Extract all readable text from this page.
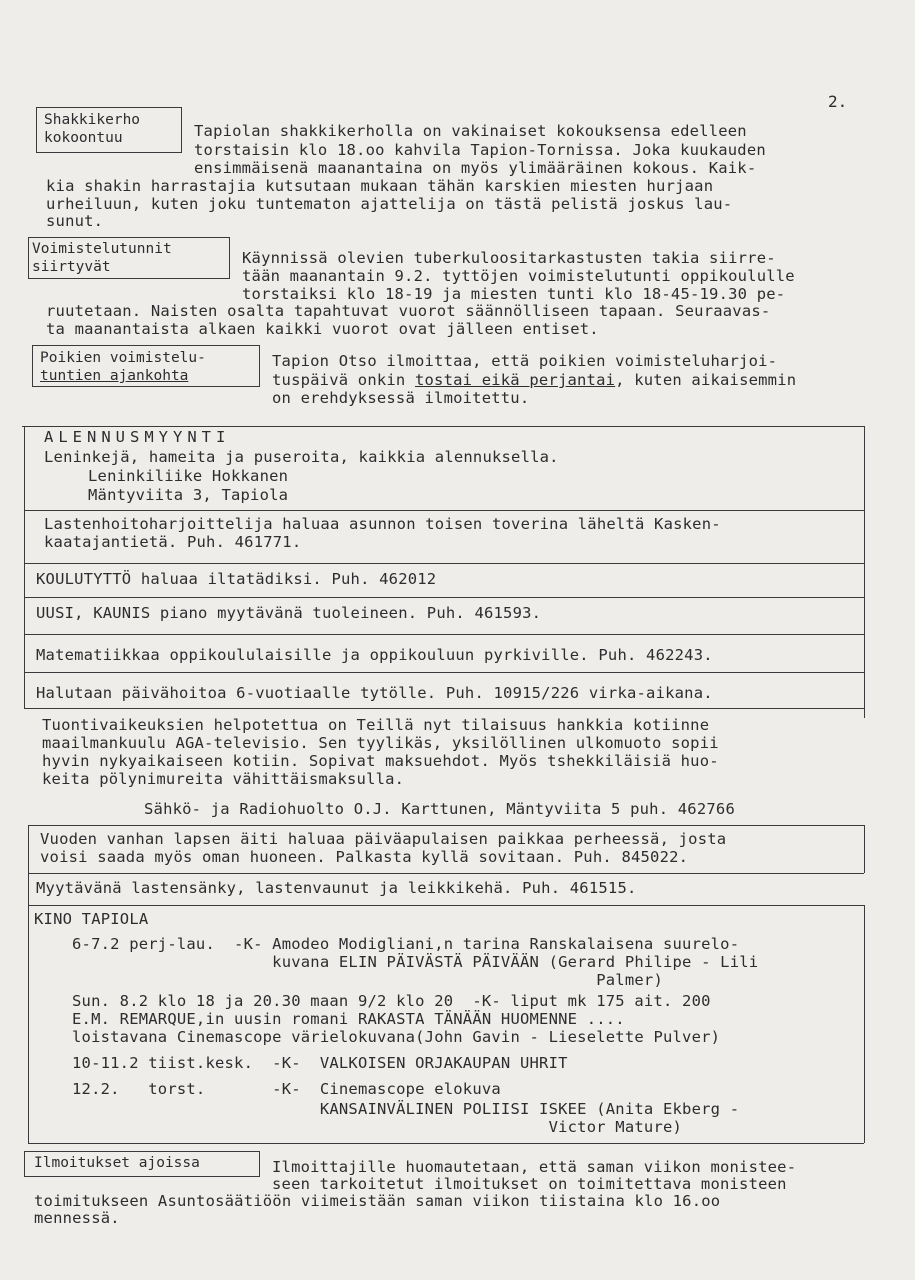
2.
Shakkikerho
kokoontuu	Tapiolan shakkikerholla on vakinaiset kokouksensa edelleen
torstaisin klo 18.oo kahvila Tapion-Tornissa. Joka kuukauden
ensimmäisenä maanantaina on myös ylimääräinen kokous. Kaik-
kia shakin harrastajia kutsutaan mukaan tähän karskien miesten hurjaan
urheiluun, kuten joku tuntematon ajattelija on tästä pelistä joskus lau-
sunut.
Voimistelutunnit
siirtyvät	Käynnissä olevien tuberkuloositarkastusten takia siirre-
tään maanantain 9.2. tyttöjen voimistelutunti oppikoululle
torstaiksi klo 18-19 ja miesten tunti klo 18-45-19.30 pe-
ruutetaan. Naisten osalta tapahtuvat vuorot säännölliseen tapaan. Seuraavas-
ta maanantaista alkaen kaikki vuorot ovat jälleen entiset.
Poikien voimistelu-
tuntien ajankohta
Tapion Otso ilmoittaa, että poikien voimisteluharjoi-
tuspäivä onkin tostai eikä perjantai, kuten aikaisemmin
on erehdyksessä ilmoitettu.
ALENNUSMYYNTI
Leninkejä, hameita ja puseroita, kaikkia alennuksella.
Leninkiliike Hokkanen
Mäntyviita 3, Tapiola
Lastenhoitoharjoittelija haluaa asunnon toisen toverina läheltä Kasken-
kaatajantietä. Puh. 461771.
KOULUTYTTÖ haluaa iltatädiksi. Puh. 462012
UUSI, KAUNIS piano myytävänä tuoleineen. Puh. 461593.
Matematiikkaa oppikoululaisille ja oppikouluun pyrkiville. Puh. 462243.
Halutaan päivähoitoa 6-vuotiaalle tytölle. Puh. 10915/226 virka-aikana.
Tuontivaikeuksien helpotettua on Teillä nyt tilaisuus hankkia kotiinne
maailmankuulu AGA-televisio. Sen tyylikäs, yksilöllinen ulkomuoto sopii
hyvin nykyaikaiseen kotiin. Sopivat maksuehdot. Myös tshekkiläisiä huo-
keita pölynimureita vähittäismaksulla.
Sähkö- ja Radiohuolto O.J. Karttunen, Mäntyviita 5 puh. 462766
Vuoden vanhan lapsen äiti haluaa päiväapulaisen paikkaa perheessä, josta
voisi saada myös oman huoneen. Palkasta kyllä sovitaan. Puh. 845022.
Myytävänä lastensänky, lastenvaunut ja leikkikehä. Puh. 461515.
KINO TAPIOLA
6-7.2 perj-lau.  -K- Amodeo Modigliani,n tarina Ranskalaisena suurelo-
kuvana ELIN PÄIVÄSTÄ PÄIVÄÄN (Gerard Philipe - Lili
Palmer)
Sun. 8.2 klo 18 ja 20.30 maan 9/2 klo 20  -K- liput mk 175 ait. 200
E.M. REMARQUE,in uusin romani RAKASTA TÄNÄÄN HUOMENNE ....
loistavana Cinemascope värielokuvana(John Gavin - Lieselette Pulver)
10-11.2 tiist.kesk.  -K-  VALKOISEN ORJAKAUPAN UHRIT
12.2.   torst.       -K-  Cinemascope elokuva
KANSAINVÄLINEN POLIISI ISKEE (Anita Ekberg -
Victor Mature)
Ilmoitukset ajoissa	Ilmoittajille huomautetaan, että saman viikon monistee-
seen tarkoitetut ilmoitukset on toimitettava monisteen
toimitukseen Asuntosäätiöön viimeistään saman viikon tiistaina klo 16.oo
mennessä.
